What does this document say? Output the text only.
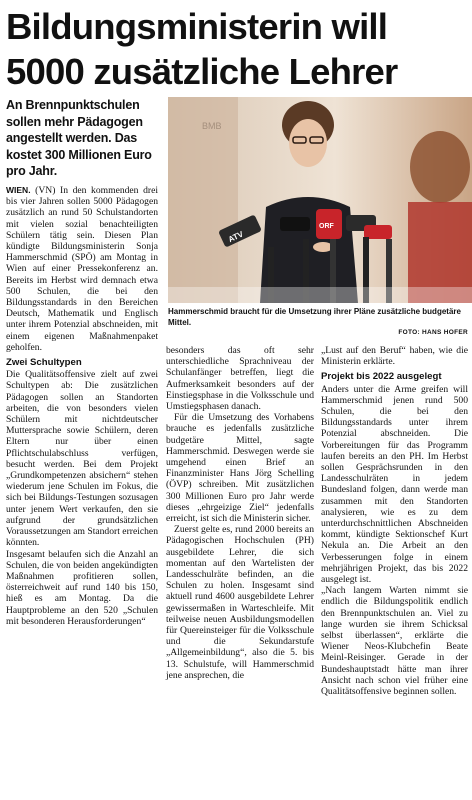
Bildungsministerin will
5000 zusätzliche Lehrer

An Brennpunktschulen sollen mehr Pädagogen angestellt werden. Das kostet 300 Millionen Euro pro Jahr.

BMB
ATV
ORF
Hammerschmid braucht für die Umsetzung ihrer Pläne zusätzliche budgetäre Mittel.
FOTO: HANS HOFER

WIEN. (VN) In den kommenden drei bis vier Jahren sollen 5000 Pädagogen zusätzlich an rund 50 Schulstandorten mit vielen sozial benachteiligten Schülern tätig sein. Diesen Plan kündigte Bildungsministerin Sonja Hammerschmid (SPÖ) am Montag in Wien auf einer Pressekonferenz an. Bereits im Herbst wird demnach etwa 500 Schulen, die bei den Bildungsstandards in den Bereichen Deutsch, Mathematik und Englisch unter ihrem Potenzial abschneiden, mit einem eigenen Maßnahmenpaket geholfen.

Zwei Schultypen

Die Qualitätsoffensive zielt auf zwei Schultypen ab: Die zusätzlichen Pädagogen sollen an Standorten arbeiten, die von besonders vielen Schülern mit nichtdeutscher Muttersprache sowie Schülern, deren Eltern nur über einen Pflichtschulabschluss verfügen, besucht werden. Bei dem Projekt „Grundkompetenzen absichern“ stehen wiederum jene Schulen im Fokus, die sich bei Bildungs-Testungen sozusagen unter jenem Wert verkaufen, den sie aufgrund der grundsätzlichen Voraussetzungen am Standort erreichen könnten.

Insgesamt belaufen sich die Anzahl an Schulen, die von beiden angekündigten Maßnahmen profitieren sollen, österreichweit auf rund 140 bis 150, hieß es am Montag. Da die Hauptprobleme an den 520 „Schulen mit besonderen Herausforderungen“

besonders das oft sehr unterschiedliche Sprachniveau der Schulanfänger betreffen, liegt die Aufmerksamkeit besonders auf der Einstiegsphase in die Volksschule und Umstiegsphasen danach.

Für die Umsetzung des Vorhabens brauche es jedenfalls zusätzliche budgetäre Mittel, sagte Hammerschmid. Deswegen werde sie umgehend einen Brief an Finanzminister Hans Jörg Schelling (ÖVP) schreiben. Mit zusätzlichen 300 Millionen Euro pro Jahr werde dieses „ehrgeizige Ziel“ jedenfalls erreicht, ist sich die Ministerin sicher.

Zuerst gelte es, rund 2000 bereits an Pädagogischen Hochschulen (PH) ausgebildete Lehrer, die sich momentan auf den Wartelisten der Landesschulräte befinden, an die Schulen zu holen. Insgesamt sind aktuell rund 4600 ausgebildete Lehrer gewissermaßen in Warteschleife. Mit teilweise neuen Ausbildungsmodellen für Quereinsteiger für die Volksschule und die Sekundarstufe „Allgemeinbildung“, also die 5. bis 13. Schulstufe, will Hammerschmid jene ansprechen, die

„Lust auf den Beruf“ haben, wie die Ministerin erklärte.

Projekt bis 2022 ausgelegt

Anders unter die Arme greifen will Hammerschmid jenen rund 500 Schulen, die bei den Bildungsstandards unter ihrem Potenzial abschneiden. Die Vorbereitungen für das Programm laufen bereits an den PH. Im Herbst sollen Gesprächsrunden in den Landesschulräten in jedem Bundesland folgen, dann werde man zusammen mit den Standorten analysieren, wie es zu dem unterdurchschnittlichen Abschneiden kommt, kündigte Sektionschef Kurt Nekula an. Die Arbeit an den Verbesserungen folge in einem mehrjährigen Projekt, das bis 2022 ausgelegt ist.

„Nach langem Warten nimmt sie endlich die Bildungspolitik endlich den Brennpunktschulen an. Viel zu lange wurden sie ihrem Schicksal selbst überlassen“, erklärte die Wiener Neos-Klubchefin Beate Meinl-Reisinger. Gerade in der Bundeshauptstadt hätte man ihrer Ansicht nach schon viel früher eine Qualitätsoffensive beginnen sollen.
